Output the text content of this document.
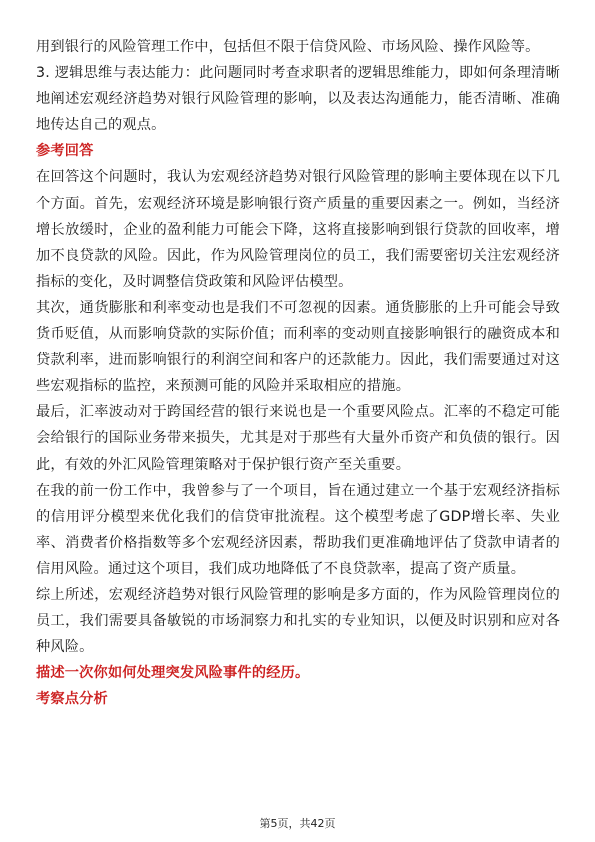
用到银行的风险管理工作中，包括但不限于信贷风险、市场风险、操作风险等。

3. 逻辑思维与表达能力：此问题同时考查求职者的逻辑思维能力，即如何条理清晰地阐述宏观经济趋势对银行风险管理的影响，以及表达沟通能力，能否清晰、准确地传达自己的观点。

参考回答

在回答这个问题时，我认为宏观经济趋势对银行风险管理的影响主要体现在以下几个方面。首先，宏观经济环境是影响银行资产质量的重要因素之一。例如，当经济增长放缓时，企业的盈利能力可能会下降，这将直接影响到银行贷款的回收率，增加不良贷款的风险。因此，作为风险管理岗位的员工，我们需要密切关注宏观经济指标的变化，及时调整信贷政策和风险评估模型。

其次，通货膨胀和利率变动也是我们不可忽视的因素。通货膨胀的上升可能会导致货币贬值，从而影响贷款的实际价值；而利率的变动则直接影响银行的融资成本和贷款利率，进而影响银行的利润空间和客户的还款能力。因此，我们需要通过对这些宏观指标的监控，来预测可能的风险并采取相应的措施。

最后，汇率波动对于跨国经营的银行来说也是一个重要风险点。汇率的不稳定可能会给银行的国际业务带来损失，尤其是对于那些有大量外币资产和负债的银行。因此，有效的外汇风险管理策略对于保护银行资产至关重要。

在我的前一份工作中，我曾参与了一个项目，旨在通过建立一个基于宏观经济指标的信用评分模型来优化我们的信贷审批流程。这个模型考虑了GDP增长率、失业率、消费者价格指数等多个宏观经济因素，帮助我们更准确地评估了贷款申请者的信用风险。通过这个项目，我们成功地降低了不良贷款率，提高了资产质量。

综上所述，宏观经济趋势对银行风险管理的影响是多方面的，作为风险管理岗位的员工，我们需要具备敏锐的市场洞察力和扎实的专业知识，以便及时识别和应对各种风险。

描述一次你如何处理突发风险事件的经历。

考察点分析

第5页，共42页
